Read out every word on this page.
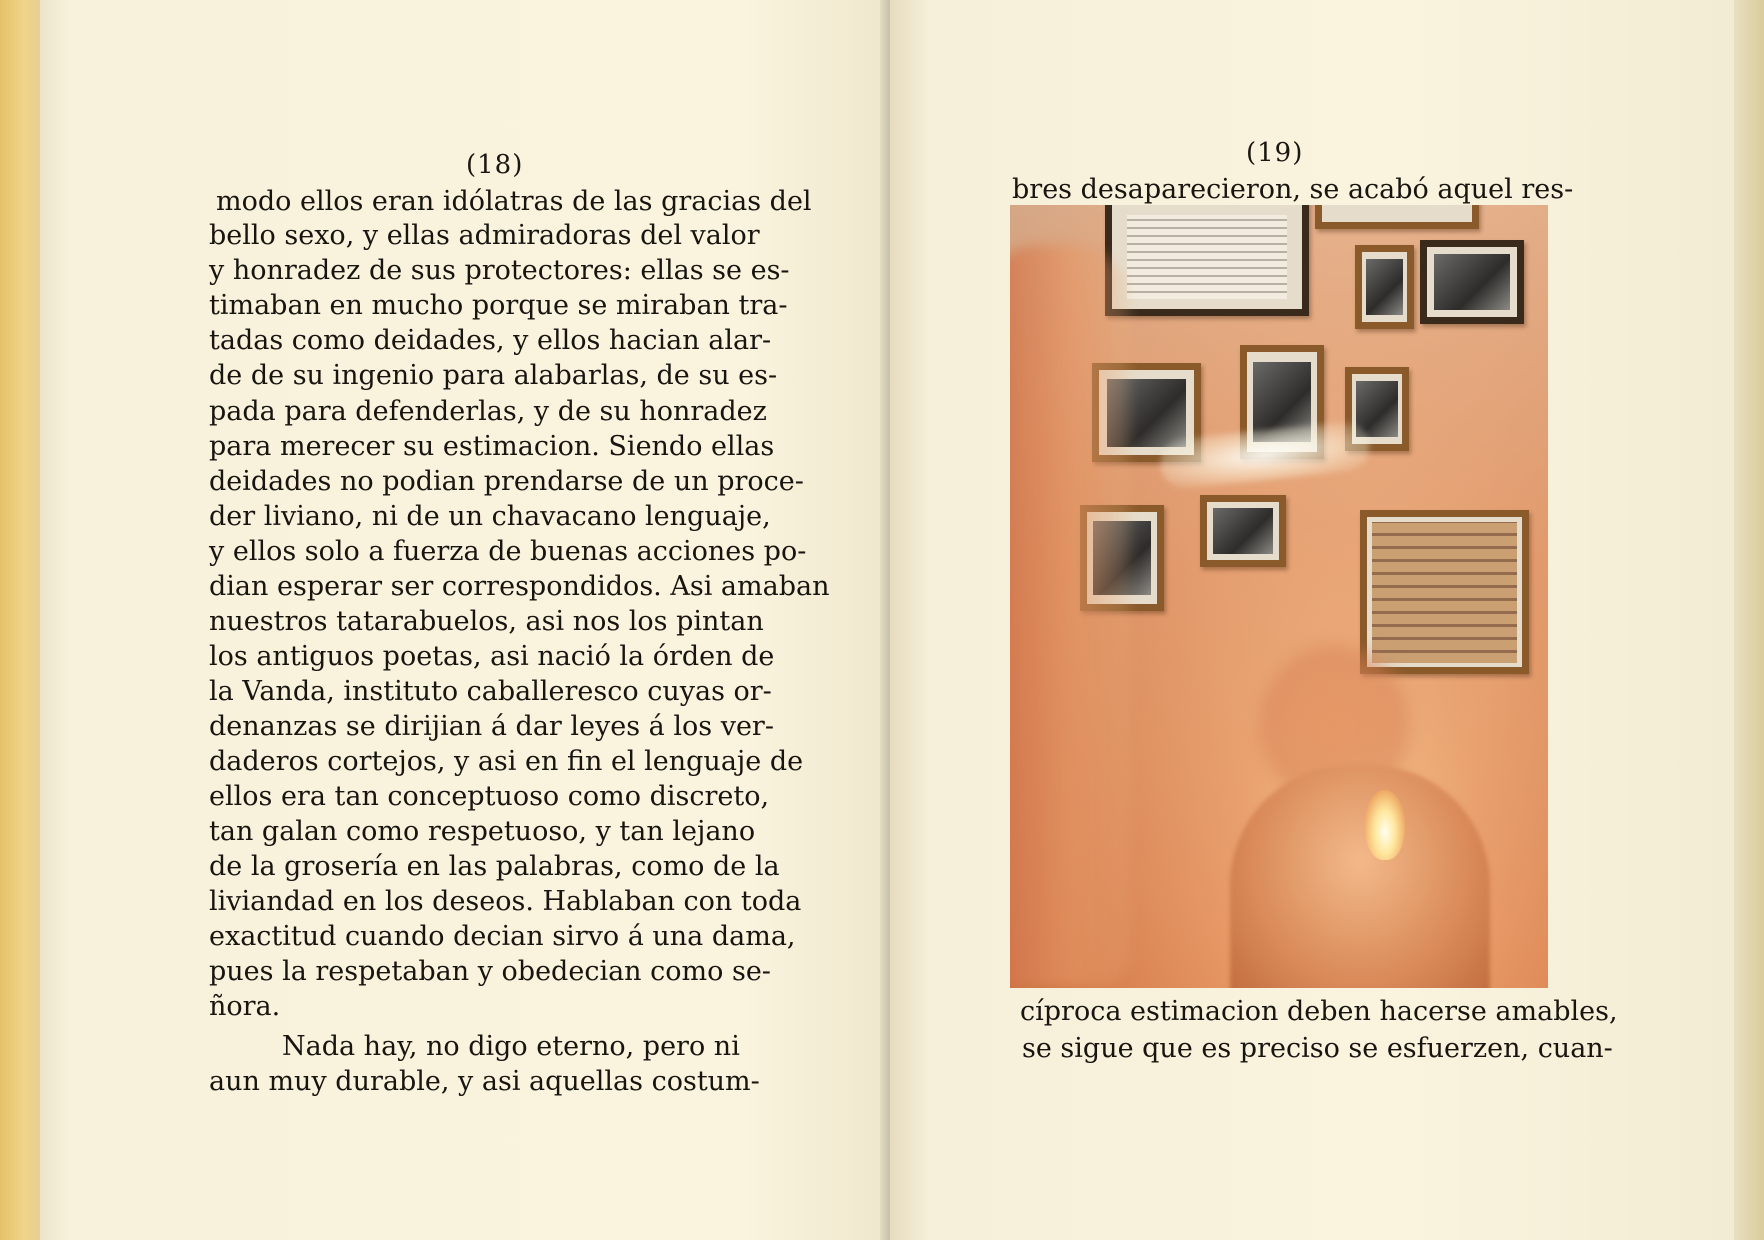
(18)
modo ellos eran idólatras de las gracias del
bello sexo, y ellas admiradoras del valor
y honradez de sus protectores: ellas se es-
timaban en mucho porque se miraban tra-
tadas como deidades, y ellos hacian alar-
de de su ingenio para alabarlas, de su es-
pada para defenderlas, y de su honradez
para merecer su estimacion. Siendo ellas
deidades no podian prendarse de un proce-
der liviano, ni de un chavacano lenguaje,
y ellos solo a fuerza de buenas acciones po-
dian esperar ser correspondidos. Asi amaban
nuestros tatarabuelos, asi nos los pintan
los antiguos poetas, asi nació la órden de
la Vanda, instituto caballeresco cuyas or-
denanzas se dirijian á dar leyes á los ver-
daderos cortejos, y asi en fin el lenguaje de
ellos era tan conceptuoso como discreto,
tan galan como respetuoso, y tan lejano
de la grosería en las palabras, como de la
liviandad en los deseos. Hablaban con toda
exactitud cuando decian sirvo á una dama,
pues la respetaban y obedecian como se-
ñora.
Nada hay, no digo eterno, pero ni
aun muy durable, y asi aquellas costum-
(19)
bres desaparecieron, se acabó aquel res-
cíproca estimacion deben hacerse amables,
se sigue que es preciso se esfuerzen, cuan-
